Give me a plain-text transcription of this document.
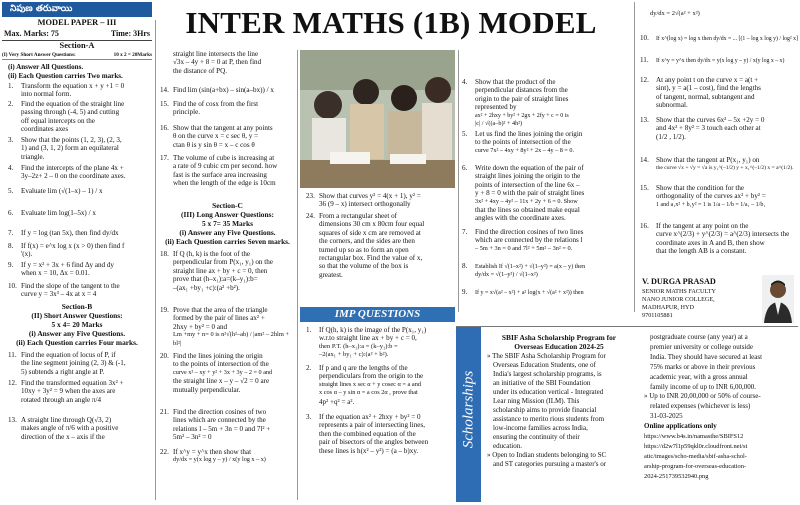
నిపుణ తరువాయి
MODEL PAPER – III
Max. Marks: 75	Time: 3Hrs
Section-A
(I) Very Short Answer Questions:	10 x 2 = 20Marks
(i) Answer All Questions.
(ii) Each Question carries Two marks.
1. Transform the equation x + y +1 = 0
into normal form.
2. Find the equation of the straight line
passing through (-4, 5) and cutting
off equal intercepts on the
coordinates axes
3. Show that the points (1, 2, 3), (2, 3,
1) and (3, 1, 2) form an equilateral
triangle.
4. Find the intercepts of the plane 4x +
3y–2z+ 2 – 0 on the coordinate axes.
5. Evaluate lim (√(1–x) – 1) / x
6. Evaluate lim log(1–5x) / x
7. If y = log (tan 5x), then find dy/dx
8. If f(x) = e^x log x (x > 0) then find f
'(x).
9. If y = x² + 3x + 6 find Δy and dy
when x = 10, Δx = 0.01.
10. Find the slope of the tangent to the
curve y = 3x³ – 4x at x = 4
Section-B
(II) Short Answer Questions:
5 x 4= 20 Marks
(i) Answer any Five Questions.
(ii) Each Question carries Four marks.
11. Find the equation of locus of P, if
the line segment joining (2, 3) & (-1,
5) subtends a right angle at P.
12. Find the transformed equation 3x² +
10xy + 3y² = 9 when the axes are
rotated through an angle π/4
13. A straight line through Q(√3, 2)
makes angle of π/6 with a positive
direction of the x – axis if the
INTER MATHS (1B) MODEL
straight line intersects the line
√3x – 4y + 8 = 0 at P, then find
the distance of PQ.
14. Find lim (sin(a+bx) – sin(a–bx)) / x
15. Find the of cosx from the first
principle.
16. Show that the tangent at any points
θ on the curve x = c sec θ, y =
ctan θ is y sin θ = x – c cos θ
17. The volume of cube is increasing at
a rate of 9 cubic cm per second. how
fast is the surface area increasing
when the length of the edge is 10cm
Section-C
(III) Long Answer Questions:
5 x 7= 35 Marks
(i) Answer any Five Questions.
(ii) Each Question carries Seven marks.
18. If Q (h, k) is the foot of the
perpendicular from P(x₁, y₁) on the
straight line ax + by + c = 0, then
prove that (h–x₁):a=(k–y₁):b=
–(ax₁ +by₁ +c):(a² +b²).
19. Prove that the area of the triangle
formed by the pair of lines ax² +
2hxy + by² = 0 and
Lm +my + n= 0 is n²√(h²–ab) / |am² – 2hlm + bl²|
20. Find the lines joining the origin
to the points of intersection of the
curve x² – xy + y² + 3x + 3y – 2 = 0 and
the straight line x – y – √2 = 0 are
mutually perpendicular.
21. Find the direction cosines of two
lines which are connected by the
relations l – 5m + 3n = 0 and 7l² +
5m² – 3n² = 0
22. If x^y = y^x then show that
dy/dx = y(x log y – y) / x(y log x – x)
23. Show that curves y² = 4(x + 1), y² =
36 (9 – x) intersect orthogonally
24. From a rectangular sheet of
dimensions 30 cm x 80cm four equal
squares of side x cm are removed at
the corners, and the sides are then
turned up so as to form an open
rectangular box. Find the value of x,
so that the volume of the box is
greatest.
IMP QUESTIONS
1. If Q(h, k) is the image of the P(x₁, y₁)
w.r.to straight line ax + by + c = 0,
then P.T. (h–x₁):a = (k–y₁):b =
–2(ax₁ + by₁ + c):(a² + b²).
2. If p and q are the lengths of the
perpendiculars from the origin to the
straight lines x sec α + y cosec α = a and
x cos α – y sin α = a cos 2α , prove that
4p² +q² = a².
3. If the equation ax² + 2hxy + by² = 0
represents a pair of intersecting lines,
then the combined equation of the
pair of bisectors of the angles between
these lines is h(x² – y²) = (a – b)xy.
4. Show that the product of the
perpendicular distances from the
origin to the pair of straight lines
represented by
ax² + 2hxy + by² + 2gx + 2fy + c = 0 is
|c| / √((a–b)² + 4h²)
5. Let us find the lines joining the origin
to the points of intersection of the
curve 7x² – 4xy + 8y² + 2x – 4y – 8 = 0.
6. Write down the equation of the pair of
straight lines joining the origin to the
points of intersection of the line 6x –
y + 8 = 0 with the pair of straight lines
3x² + 4xy – 4y² – 11x + 2y + 6 = 0. Show
that the lines so obtained make equal
angles with the coordinate axes.
7. Find the direction cosines of two lines
which are connected by the relations l
– 5m + 3n = 0 and 7l² + 5m² – 3n² = 0.
8. Establish If √(1–x²) + √(1–y²) = a(x – y) then
dy/dx = √(1–y²) / √(1–x²)
9. If y = x√(a² – x²) + a² log(x + √(a² + x²)) then
dy/dx = 2√(a² + x²)
10. If x^(log x) = log x then dy/dx = ... [(1 – log x log y) / log² x]
11. If x^y = y^x then dy/dx = y(x log y – y) / x(y log x – x)
12. At any point t on the curve x = a(t +
sint), y = a(1 – cost), find the lengths
of tangent, normal, subtangent and
subnormal.
13. Show that the curves 6x² – 5x +2y = 0
and 4x² + 8y² = 3 touch each other at
(1/2 , 1/2).
14. Show that the tangent at P(x₁, y₁) on
the curve √x + √y = √a is y₁^(–1/2) y + x₁^(–1/2) x = a^(1/2).
15. Show that the condition for the
orthogonality of the curves ax² + by² =
1 and a₁x² + b₁y² = 1 is 1/a – 1/b = 1/a₁ – 1/b₁
16. If the tangent at any point on the
curve x^(2/3) + y^(2/3) = a^(2/3) intersects the
coordinate axes in A and B, then show
that the length AB is a constant.
V. DURGA PRASAD
SENIOR MATHS FACULTY
NANO JUNIOR COLLEGE,
MADHAPUR, HYD
9701105881
Scholarships
SBIF Asha Scholarship Program for
Overseas Education 2024-25
» The SBIF Asha Scholarship Program for
Overseas Education Students, one of
India's largest scholarship programs, is
an initiative of the SBI Foundation
under its education vertical - Integrated
Lear ning Mission (ILM). This
scholarship aims to provide financial
assistance to merito rious students from
low-income families across India,
ensuring the continuity of their
education.
» Open to Indian students belonging to SC
and ST categories pursuing a master's or
postgraduate course (any year) at a
premier university or college outside
India. They should have secured at least
75% marks or above in their previous
academic year, with a gross annual
family income of up to INR 6,00,000.
» Up to INR 20,00,000 or 50% of course-
related expenses (whichever is less)
31-03-2025
Online applications only
https://www.b4s.in/namasthe/SBIFS12
https://d2w7l1p59qkl0r.cloudfront.net/st
atic/images/scho-media/sbif-asha-schol-
arship-program-for-overseas-education-
2024-251739532940.png
